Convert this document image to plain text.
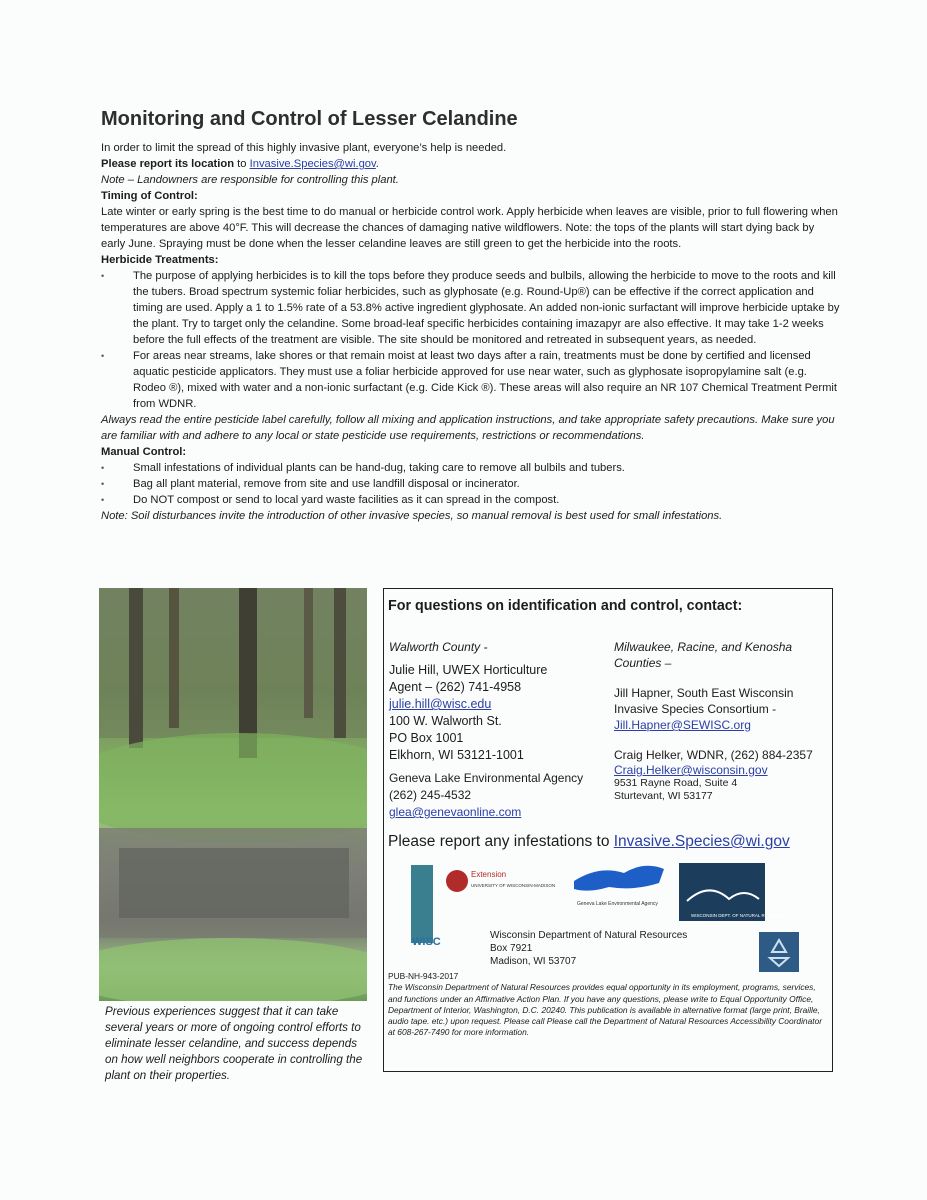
Monitoring and Control of Lesser Celandine

In order to limit the spread of this highly invasive plant, everyone’s help is needed.

Please report its location to Invasive.Species@wi.gov.

Note – Landowners are responsible for controlling this plant.

Timing of Control:

Late winter or early spring is the best time to do manual or herbicide control work. Apply herbicide when leaves are visible, prior to full flowering when temperatures are above 40°F. This will decrease the chances of damaging native wildflowers. Note: the tops of the plants will start dying back by early June. Spraying must be done when the lesser celandine leaves are still green to get the herbicide into the roots.

Herbicide Treatments:

• The purpose of applying herbicides is to kill the tops before they produce seeds and bulbils, allowing the herbicide to move to the roots and kill the tubers. Broad spectrum systemic foliar herbicides, such as glyphosate (e.g. Round-Up®) can be effective if the correct application and timing are used. Apply a 1 to 1.5% rate of a 53.8% active ingredient glyphosate. An added non-ionic surfactant will improve herbicide uptake by the plant. Try to target only the celandine. Some broad-leaf specific herbicides containing imazapyr are also effective. It may take 1-2 weeks before the full effects of the treatment are visible. The site should be monitored and retreated in subsequent years, as needed.
• For areas near streams, lake shores or that remain moist at least two days after a rain, treatments must be done by certified and licensed aquatic pesticide applicators. They must use a foliar herbicide approved for use near water, such as glyphosate isopropylamine salt (e.g. Rodeo ®), mixed with water and a non-ionic surfactant (e.g. Cide Kick ®). These areas will also require an NR 107 Chemical Treatment Permit from WDNR.

Always read the entire pesticide label carefully, follow all mixing and application instructions, and take appropriate safety precautions. Make sure you are familiar with and adhere to any local or state pesticide use requirements, restrictions or recommendations.

Manual Control:

• Small infestations of individual plants can be hand-dug, taking care to remove all bulbils and tubers.
• Bag all plant material, remove from site and use landfill disposal or incinerator.
• Do NOT compost or send to local yard waste facilities as it can spread in the compost.

Note: Soil disturbances invite the introduction of other invasive species, so manual removal is best used for small infestations.

Previous experiences suggest that it can take several years or more of ongoing control efforts to eliminate lesser celandine, and success depends on how well neighbors cooperate in controlling the plant on their properties.
For questions on identification and control, contact:

Walworth County -

Julie Hill, UWEX Horticulture

Agent – (262) 741-4958

julie.hill@wisc.edu

100 W. Walworth St.

PO Box 1001

Elkhorn, WI 53121-1001

Geneva Lake Environmental Agency

(262) 245-4532

glea@genevaonline.com

Milwaukee, Racine, and Kenosha Counties –

Jill Hapner, South East Wisconsin Invasive Species Consortium -

Jill.Hapner@SEWISC.org

Craig Helker, WDNR, (262) 884-2357

Craig.Helker@wisconsin.gov

9531 Rayne Road, Suite 4

Sturtevant, WI 53177

Please report any infestations to Invasive.Species@wi.gov
WISC
Extension
UNIVERSITY OF WISCONSIN-MADISON
Geneva Lake Environmental Agency
WISCONSIN DEPT. OF NATURAL RESOURCES
Wisconsin Department of Natural Resources
Box 7921
Madison, WI 53707

PUB-NH-943-2017

The Wisconsin Department of Natural Resources provides equal opportunity in its employment, programs, services, and functions under an Affirmative Action Plan. If you have any questions, please write to Equal Opportunity Office, Department of Interior, Washington, D.C. 20240. This publication is available in alternative format (large print, Braille, audio tape. etc.) upon request. Please call Please call the Department of Natural Resources Accessibility Coordinator at 608-267-7490 for more information.
